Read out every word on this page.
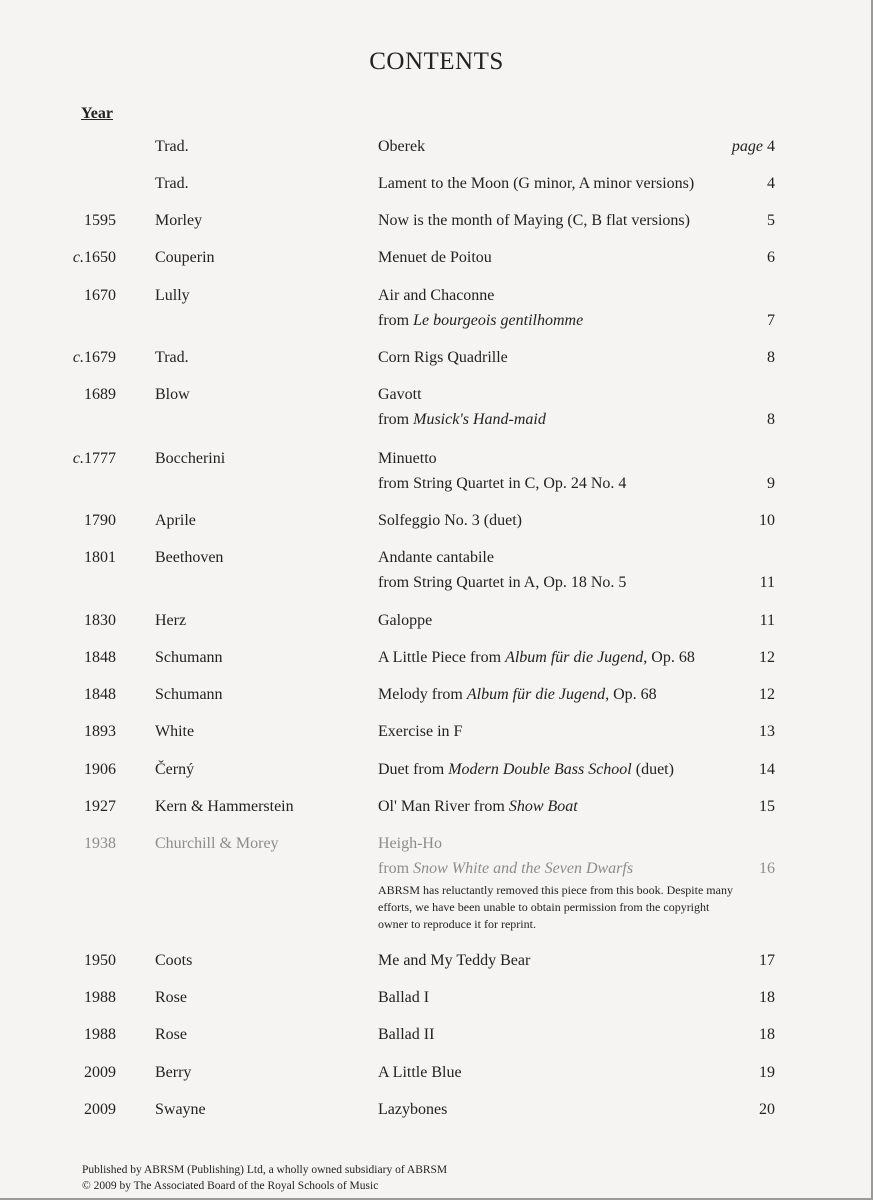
CONTENTS
Year
Trad.	Oberek	page 4
Trad.	Lament to the Moon (G minor, A minor versions)	4
1595 Morley	Now is the month of Maying (C, B flat versions)	5
c.1650 Couperin	Menuet de Poitou	6
1670 Lully	Air and Chaconne
from Le bourgeois gentilhomme	7
c.1679 Trad.	Corn Rigs Quadrille	8
1689 Blow	Gavott
from Musick's Hand-maid	8
c.1777 Boccherini	Minuetto
from String Quartet in C, Op. 24 No. 4	9
1790 Aprile	Solfeggio No. 3 (duet)	10
1801 Beethoven	Andante cantabile
from String Quartet in A, Op. 18 No. 5	11
1830 Herz	Galoppe	11
1848 Schumann	A Little Piece from Album für die Jugend, Op. 68	12
1848 Schumann	Melody from Album für die Jugend, Op. 68	12
1893 White	Exercise in F	13
1906 Černý	Duet from Modern Double Bass School (duet)	14
1927 Kern & Hammerstein	Ol' Man River from Show Boat	15
1938 Churchill & Morey	Heigh-Ho
from Snow White and the Seven Dwarfs	16
ABRSM has reluctantly removed this piece from this book. Despite many efforts, we have been unable to obtain permission from the copyright owner to reproduce it for reprint.
1950 Coots	Me and My Teddy Bear	17
1988 Rose	Ballad I	18
1988 Rose	Ballad II	18
2009 Berry	A Little Blue	19
2009 Swayne	Lazybones	20
Published by ABRSM (Publishing) Ltd, a wholly owned subsidiary of ABRSM
© 2009 by The Associated Board of the Royal Schools of Music
